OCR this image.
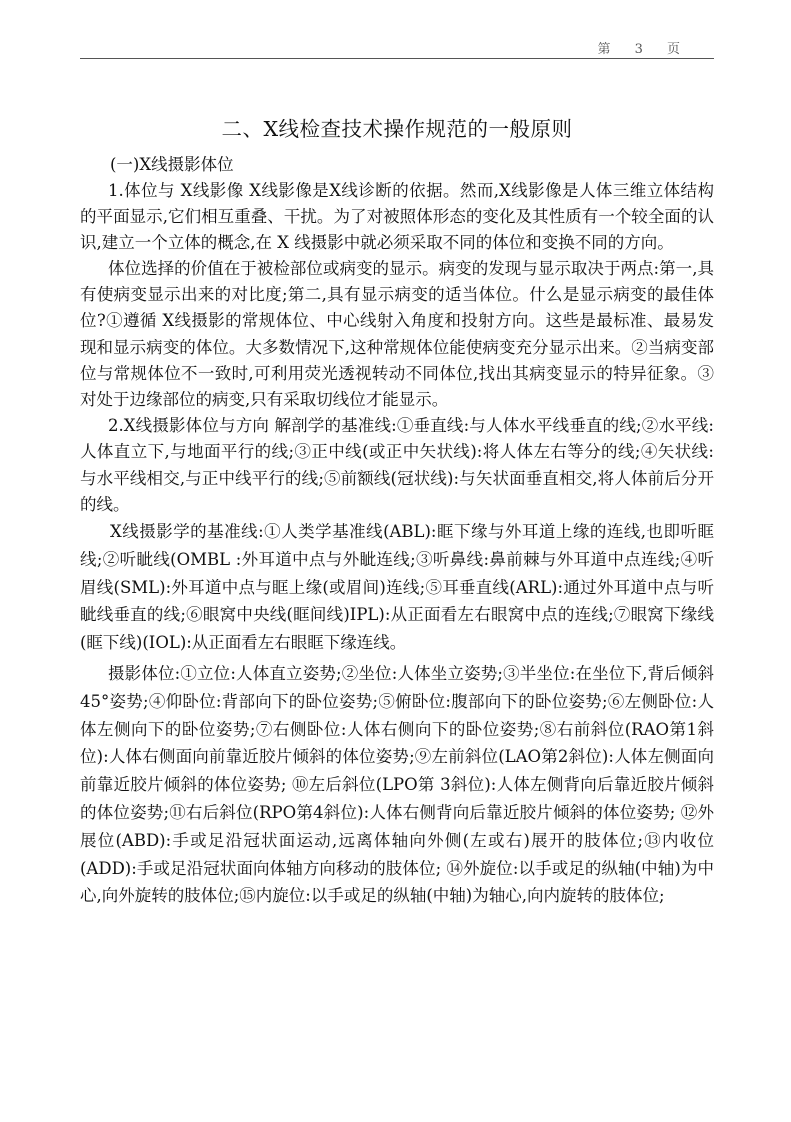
第 3 页
二、X线检查技术操作规范的一般原则

(一)X线摄影体位

1.体位与 X线影像 X线影像是X线诊断的依据。然而,X线影像是人体三维立体结构的平面显示,它们相互重叠、干扰。为了对被照体形态的变化及其性质有一个较全面的认识,建立一个立体的概念,在 X 线摄影中就必须采取不同的体位和变换不同的方向。

体位选择的价值在于被检部位或病变的显示。病变的发现与显示取决于两点:第一,具有使病变显示出来的对比度;第二,具有显示病变的适当体位。什么是显示病变的最佳体位?①遵循 X线摄影的常规体位、中心线射入角度和投射方向。这些是最标准、最易发现和显示病变的体位。大多数情况下,这种常规体位能使病变充分显示出来。②当病变部位与常规体位不一致时,可利用荧光透视转动不同体位,找出其病变显示的特异征象。③对处于边缘部位的病变,只有采取切线位才能显示。

2.X线摄影体位与方向 解剖学的基准线:①垂直线:与人体水平线垂直的线;②水平线:人体直立下,与地面平行的线;③正中线(或正中矢状线):将人体左右等分的线;④矢状线:与水平线相交,与正中线平行的线;⑤前额线(冠状线):与矢状面垂直相交,将人体前后分开的线。

X线摄影学的基准线:①人类学基准线(ABL):眶下缘与外耳道上缘的连线,也即听眶线;②听眦线(OMBL :外耳道中点与外眦连线;③听鼻线:鼻前棘与外耳道中点连线;④听眉线(SML):外耳道中点与眶上缘(或眉间)连线;⑤耳垂直线(ARL):通过外耳道中点与听眦线垂直的线;⑥眼窝中央线(眶间线)IPL):从正面看左右眼窝中点的连线;⑦眼窝下缘线(眶下线)(IOL):从正面看左右眼眶下缘连线。

摄影体位:①立位:人体直立姿势;②坐位:人体坐立姿势;③半坐位:在坐位下,背后倾斜45°姿势;④仰卧位:背部向下的卧位姿势;⑤俯卧位:腹部向下的卧位姿势;⑥左侧卧位:人体左侧向下的卧位姿势;⑦右侧卧位:人体右侧向下的卧位姿势;⑧右前斜位(RAO第1斜位):人体右侧面向前靠近胶片倾斜的体位姿势;⑨左前斜位(LAO第2斜位):人体左侧面向前靠近胶片倾斜的体位姿势; ⑩左后斜位(LPO第 3斜位):人体左侧背向后靠近胶片倾斜的体位姿势;⑪右后斜位(RPO第4斜位):人体右侧背向后靠近胶片倾斜的体位姿势; ⑫外展位(ABD):手或足沿冠状面运动,远离体轴向外侧(左或右)展开的肢体位;⑬内收位(ADD):手或足沿冠状面向体轴方向移动的肢体位; ⑭外旋位:以手或足的纵轴(中轴)为中心,向外旋转的肢体位;⑮内旋位:以手或足的纵轴(中轴)为轴心,向内旋转的肢体位;
